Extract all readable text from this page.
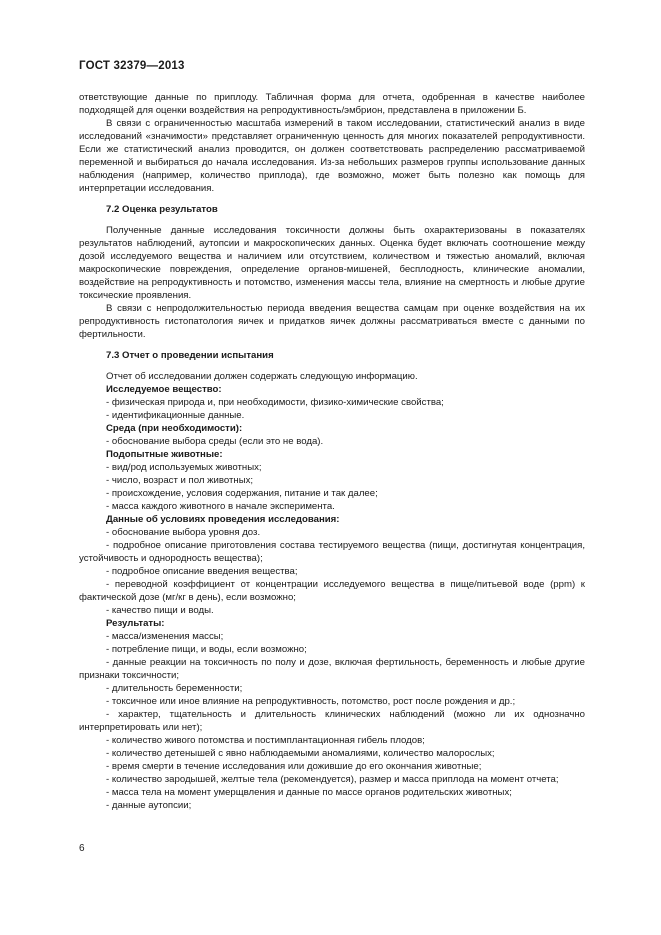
ГОСТ 32379—2013

ответствующие данные по приплоду. Табличная форма для отчета, одобренная в качестве наиболее подходящей для оценки воздействия на репродуктивность/эмбрион, представлена в приложении Б.

В связи с ограниченностью масштаба измерений в таком исследовании, статистический анализ в виде исследований «значимости» представляет ограниченную ценность для многих показателей репродуктивности. Если же статистический анализ проводится, он должен соответствовать распределению рассматриваемой переменной и выбираться до начала исследования. Из-за небольших размеров группы использование данных наблюдения (например, количество приплода), где возможно, может быть полезно как помощь для интерпретации исследования.

7.2 Оценка результатов

Полученные данные исследования токсичности должны быть охарактеризованы в показателях результатов наблюдений, аутопсии и макроскопических данных. Оценка будет включать соотношение между дозой исследуемого вещества и наличием или отсутствием, количеством и тяжестью аномалий, включая макроскопические повреждения, определение органов-мишеней, бесплодность, клинические аномалии, воздействие на репродуктивность и потомство, изменения массы тела, влияние на смертность и любые другие токсические проявления.

В связи с непродолжительностью периода введения вещества самцам при оценке воздействия на их репродуктивность гистопатология яичек и придатков яичек должны рассматриваться вместе с данными по фертильности.

7.3 Отчет о проведении испытания

Отчет об исследовании должен содержать следующую информацию.

Исследуемое вещество:

- физическая природа и, при необходимости, физико-химические свойства;

- идентификационные данные.

Среда (при необходимости):

- обоснование выбора среды (если это не вода).

Подопытные животные:

- вид/род используемых животных;

- число, возраст и пол животных;

- происхождение, условия содержания, питание и так далее;

- масса каждого животного в начале эксперимента.

Данные об условиях проведения исследования:

- обоснование выбора уровня доз.

- подробное описание приготовления состава тестируемого вещества (пищи, достигнутая концентрация, устойчивость и однородность вещества);

- подробное описание введения вещества;

- переводной коэффициент от концентрации исследуемого вещества в пище/питьевой воде (ppm) к фактической дозе (мг/кг в день), если возможно;

- качество пищи и воды.

Результаты:

- масса/изменения массы;

- потребление пищи, и воды, если возможно;

- данные реакции на токсичность по полу и дозе, включая фертильность, беременность и любые другие признаки токсичности;

- длительность беременности;

- токсичное или иное влияние на репродуктивность, потомство, рост после рождения и др.;

- характер, тщательность и длительность клинических наблюдений (можно ли их однозначно интерпретировать или нет);

- количество живого потомства и постимплантационная гибель плодов;

- количество детенышей с явно наблюдаемыми аномалиями, количество малорослых;

- время смерти в течение исследования или дожившие до его окончания животные;

- количество зародышей, желтые тела (рекомендуется), размер и масса приплода на момент отчета;

- масса тела на момент умерщвления и данные по массе органов родительских животных;

- данные аутопсии;

6
